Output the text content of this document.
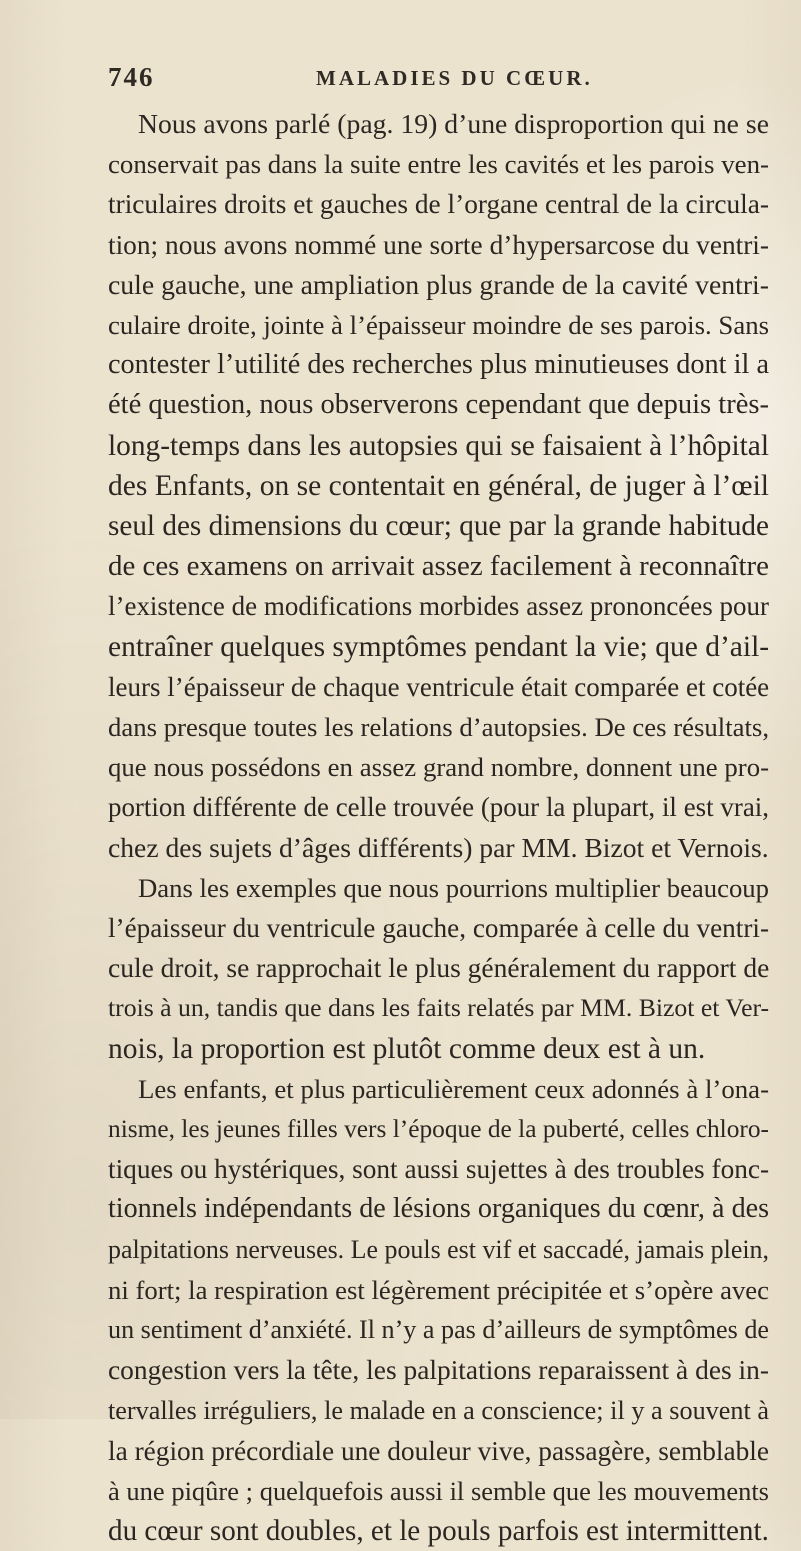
746	MALADIES DU CŒUR.

Nous avons parlé (pag. 19) d’une disproportion qui ne se
conservait pas dans la suite entre les cavités et les parois ven-
triculaires droits et gauches de l’organe central de la circula-
tion; nous avons nommé une sorte d’hypersarcose du ventri-
cule gauche, une ampliation plus grande de la cavité ventri-
culaire droite, jointe à l’épaisseur moindre de ses parois. Sans
contester l’utilité des recherches plus minutieuses dont il a
été question, nous observerons cependant que depuis très-
long-temps dans les autopsies qui se faisaient à l’hôpital
des Enfants, on se contentait en général, de juger à l’œil
seul des dimensions du cœur; que par la grande habitude
de ces examens on arrivait assez facilement à reconnaître
l’existence de modifications morbides assez prononcées pour
entraîner quelques symptômes pendant la vie; que d’ail-
leurs l’épaisseur de chaque ventricule était comparée et cotée
dans presque toutes les relations d’autopsies. De ces résultats,
que nous possédons en assez grand nombre, donnent une pro-
portion différente de celle trouvée (pour la plupart, il est vrai,
chez des sujets d’âges différents) par MM. Bizot et Vernois.

Dans les exemples que nous pourrions multiplier beaucoup
l’épaisseur du ventricule gauche, comparée à celle du ventri-
cule droit, se rapprochait le plus généralement du rapport de
trois à un, tandis que dans les faits relatés par MM. Bizot et Ver-
nois, la proportion est plutôt comme deux est à un.

Les enfants, et plus particulièrement ceux adonnés à l’ona-
nisme, les jeunes filles vers l’époque de la puberté, celles chloro-
tiques ou hystériques, sont aussi sujettes à des troubles fonc-
tionnels indépendants de lésions organiques du cœnr, à des
palpitations nerveuses. Le pouls est vif et saccadé, jamais plein,
ni fort; la respiration est légèrement précipitée et s’opère avec
un sentiment d’anxiété. Il n’y a pas d’ailleurs de symptômes de
congestion vers la tête, les palpitations reparaissent à des in-
tervalles irréguliers, le malade en a conscience; il y a souvent à
la région précordiale une douleur vive, passagère, semblable
à une piqûre ; quelquefois aussi il semble que les mouvements
du cœur sont doubles, et le pouls parfois est intermittent.
